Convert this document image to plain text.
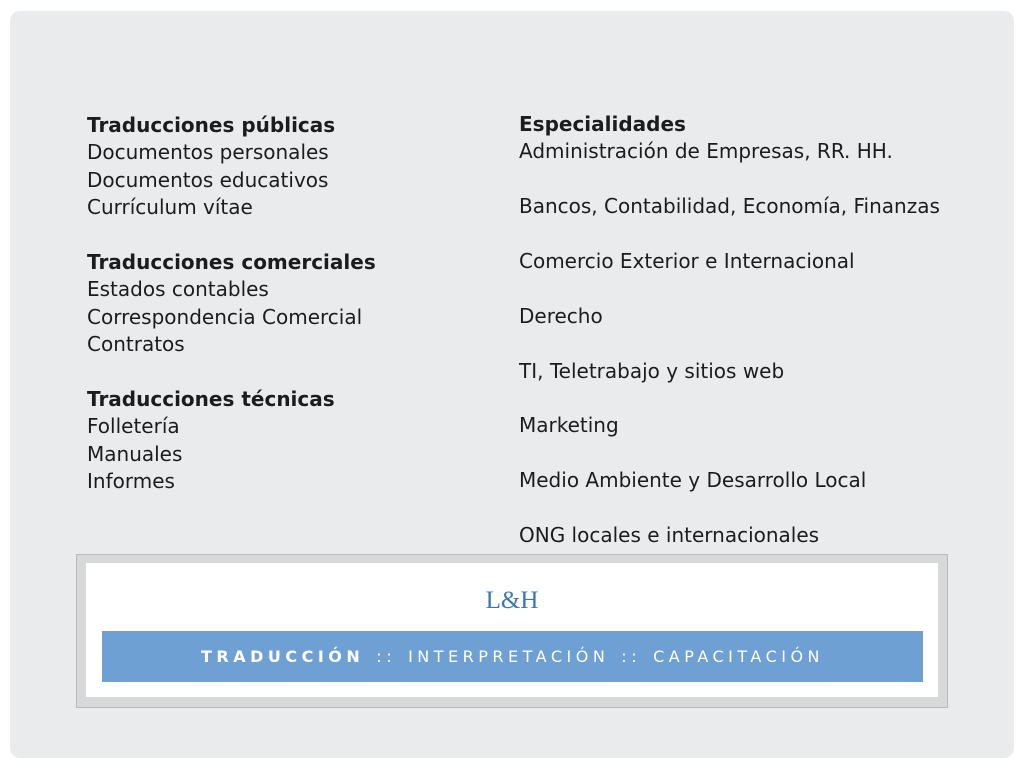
Traducciones públicas
Documentos personales
Documentos educativos
Currículum vítae
Traducciones comerciales
Estados contables
Correspondencia Comercial
Contratos
Traducciones técnicas
Folletería
Manuales
Informes
Especialidades
Administración de Empresas, RR. HH.
Bancos, Contabilidad, Economía, Finanzas
Comercio Exterior e Internacional
Derecho
TI, Teletrabajo y sitios web
Marketing
Medio Ambiente y Desarrollo Local
ONG locales e internacionales
L&H
TRADUCCIÓN :: INTERPRETACIÓN :: CAPACITACIÓN
